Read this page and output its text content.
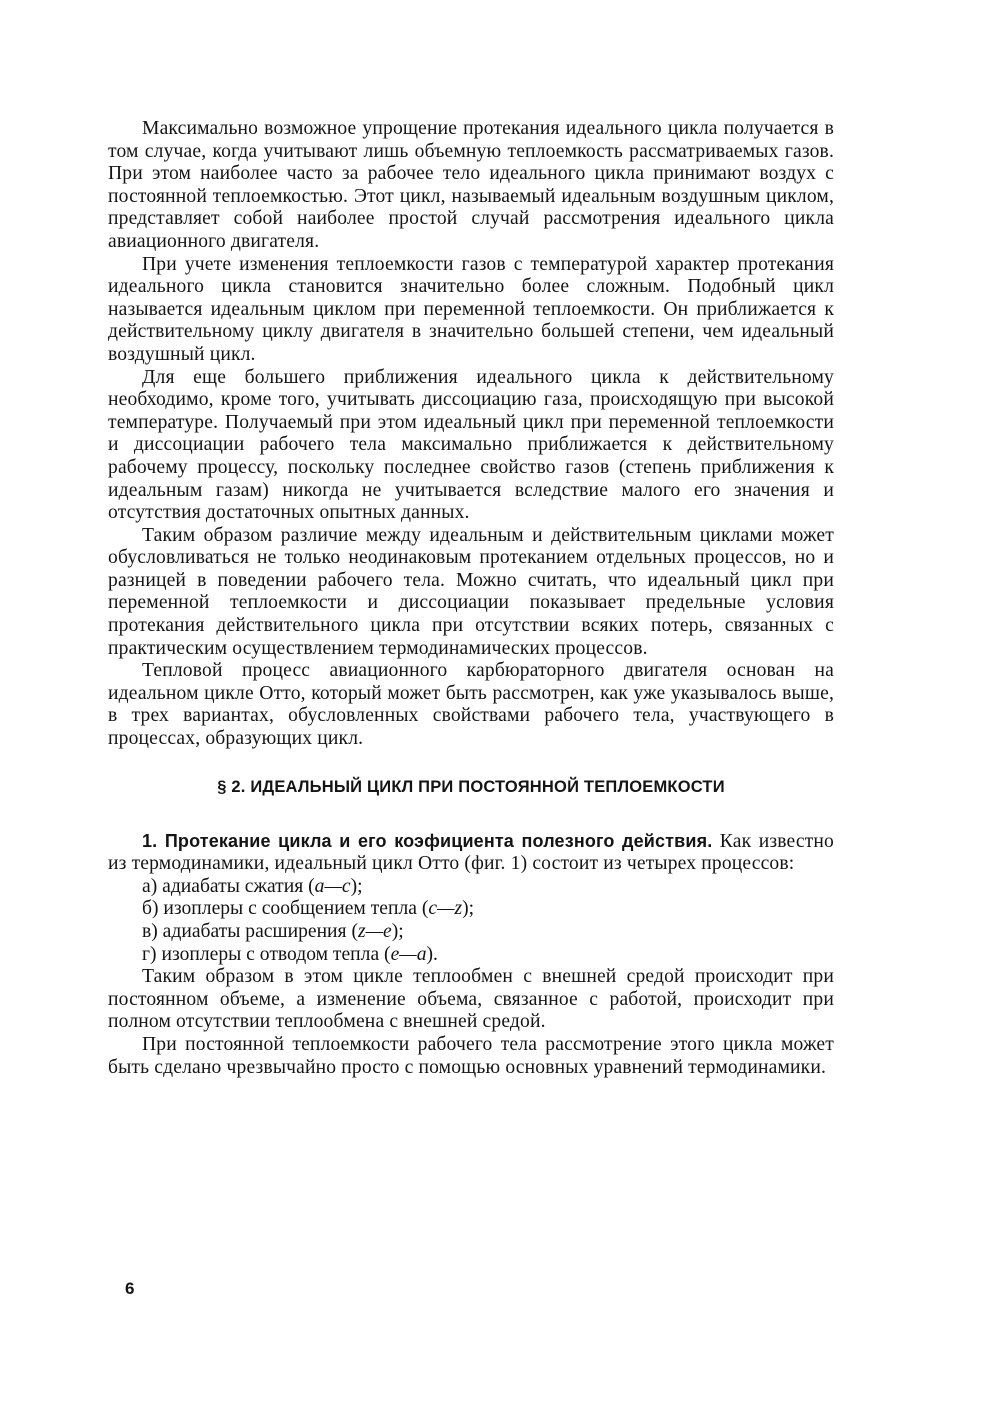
Максимально возможное упрощение протекания идеального цикла получается в том случае, когда учитывают лишь объемную теплоемкость рассматриваемых газов. При этом наиболее часто за рабочее тело идеального цикла принимают воздух с постоянной теплоемкостью. Этот цикл, называемый идеальным воздушным циклом, представляет собой наиболее простой случай рассмотрения идеального цикла авиационного двигателя.

При учете изменения теплоемкости газов с температурой характер протекания идеального цикла становится значительно более сложным. Подобный цикл называется идеальным циклом при переменной теплоемкости. Он приближается к действительному циклу двигателя в значительно большей степени, чем идеальный воздушный цикл.

Для еще большего приближения идеального цикла к действительному необходимо, кроме того, учитывать диссоциацию газа, происходящую при высокой температуре. Получаемый при этом идеальный цикл при переменной теплоемкости и диссоциации рабочего тела максимально приближается к действительному рабочему процессу, поскольку последнее свойство газов (степень приближения к идеальным газам) никогда не учитывается вследствие малого его значения и отсутствия достаточных опытных данных.

Таким образом различие между идеальным и действительным циклами может обусловливаться не только неодинаковым протеканием отдельных процессов, но и разницей в поведении рабочего тела. Можно считать, что идеальный цикл при переменной теплоемкости и диссоциации показывает предельные условия протекания действительного цикла при отсутствии всяких потерь, связанных с практическим осуществлением термодинамических процессов.

Тепловой процесс авиационного карбюраторного двигателя основан на идеальном цикле Отто, который может быть рассмотрен, как уже указывалось выше, в трех вариантах, обусловленных свойствами рабочего тела, участвующего в процессах, образующих цикл.

§ 2. ИДЕАЛЬНЫЙ ЦИКЛ ПРИ ПОСТОЯННОЙ ТЕПЛОЕМКОСТИ

1. Протекание цикла и его коэфициента полезного действия. Как известно из термодинамики, идеальный цикл Отто (фиг. 1) состоит из четырех процессов:

а) адиабаты сжатия (a—c);
б) изоплеры с сообщением тепла (c—z);
в) адиабаты расширения (z—e);
г) изоплеры с отводом тепла (e—a).

Таким образом в этом цикле теплообмен с внешней средой происходит при постоянном объеме, а изменение объема, связанное с работой, происходит при полном отсутствии теплообмена с внешней средой.

При постоянной теплоемкости рабочего тела рассмотрение этого цикла может быть сделано чрезвычайно просто с помощью основных уравнений термодинамики.

6
